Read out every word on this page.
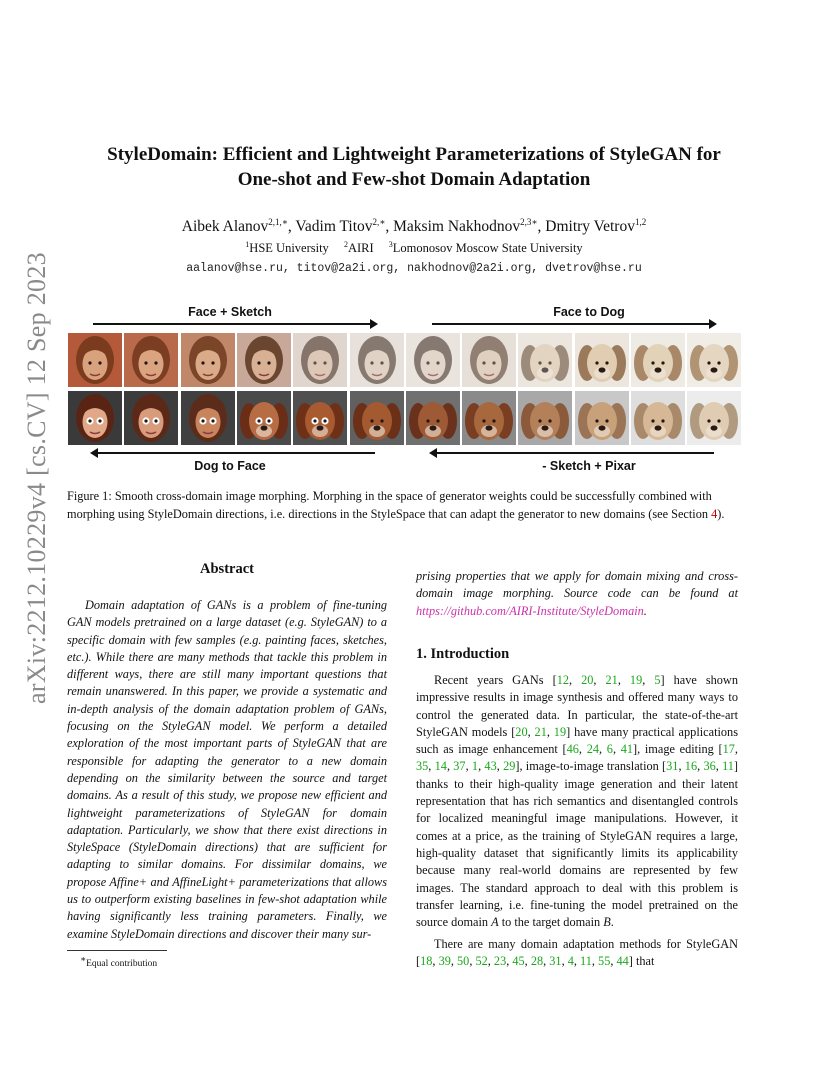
arXiv:2212.10229v4 [cs.CV] 12 Sep 2023
StyleDomain: Efficient and Lightweight Parameterizations of StyleGAN for
One-shot and Few-shot Domain Adaptation
Aibek Alanov$^{2,1,∗}$, Vadim Titov$^{2,∗}$, Maksim Nakhodnov$^{2,3∗}$, Dmitry Vetrov$^{1,2}$
$^1$HSE University $^2$AIRI $^3$Lomonosov Moscow State University
aalanov@hse.ru, titov@2a2i.org, nakhodnov@2a2i.org, dvetrov@hse.ru
Face + Sketch	Face to Dog
Dog to Face	- Sketch + Pixar
Figure 1: Smooth cross-domain image morphing. Morphing in the space of generator weights could be successfully combined with morphing using StyleDomain directions, i.e. directions in the StyleSpace that can adapt the generator to new domains (see Section 4).
Abstract
Domain adaptation of GANs is a problem of fine-tuning GAN models pretrained on a large dataset (e.g. StyleGAN) to a specific domain with few samples (e.g. painting faces, sketches, etc.). While there are many methods that tackle this problem in different ways, there are still many important questions that remain unanswered. In this paper, we provide a systematic and in-depth analysis of the domain adaptation problem of GANs, focusing on the StyleGAN model. We perform a detailed exploration of the most important parts of StyleGAN that are responsible for adapting the generator to a new domain depending on the similarity between the source and target domains. As a result of this study, we propose new efficient and lightweight parameterizations of StyleGAN for domain adaptation. Particularly, we show that there exist directions in StyleSpace (StyleDomain directions) that are sufficient for adapting to similar domains. For dissimilar domains, we propose Affine+ and AffineLight+ parameterizations that allows us to outperform existing baselines in few-shot adaptation while having significantly less training parameters. Finally, we examine StyleDomain directions and discover their many sur-
∗Equal contribution
prising properties that we apply for domain mixing and cross-domain image morphing. Source code can be found at https://github.com/AIRI-Institute/StyleDomain.
1. Introduction
Recent years GANs [12, 20, 21, 19, 5] have shown impressive results in image synthesis and offered many ways to control the generated data. In particular, the state-of-the-art StyleGAN models [20, 21, 19] have many practical applications such as image enhancement [46, 24, 6, 41], image editing [17, 35, 14, 37, 1, 43, 29], image-to-image translation [31, 16, 36, 11] thanks to their high-quality image generation and their latent representation that has rich semantics and disentangled controls for localized meaningful image manipulations. However, it comes at a price, as the training of StyleGAN requires a large, high-quality dataset that significantly limits its applicability because many real-world domains are represented by few images. The standard approach to deal with this problem is transfer learning, i.e. fine-tuning the model pretrained on the source domain A to the target domain B.
There are many domain adaptation methods for StyleGAN [18, 39, 50, 52, 23, 45, 28, 31, 4, 11, 55, 44] that
